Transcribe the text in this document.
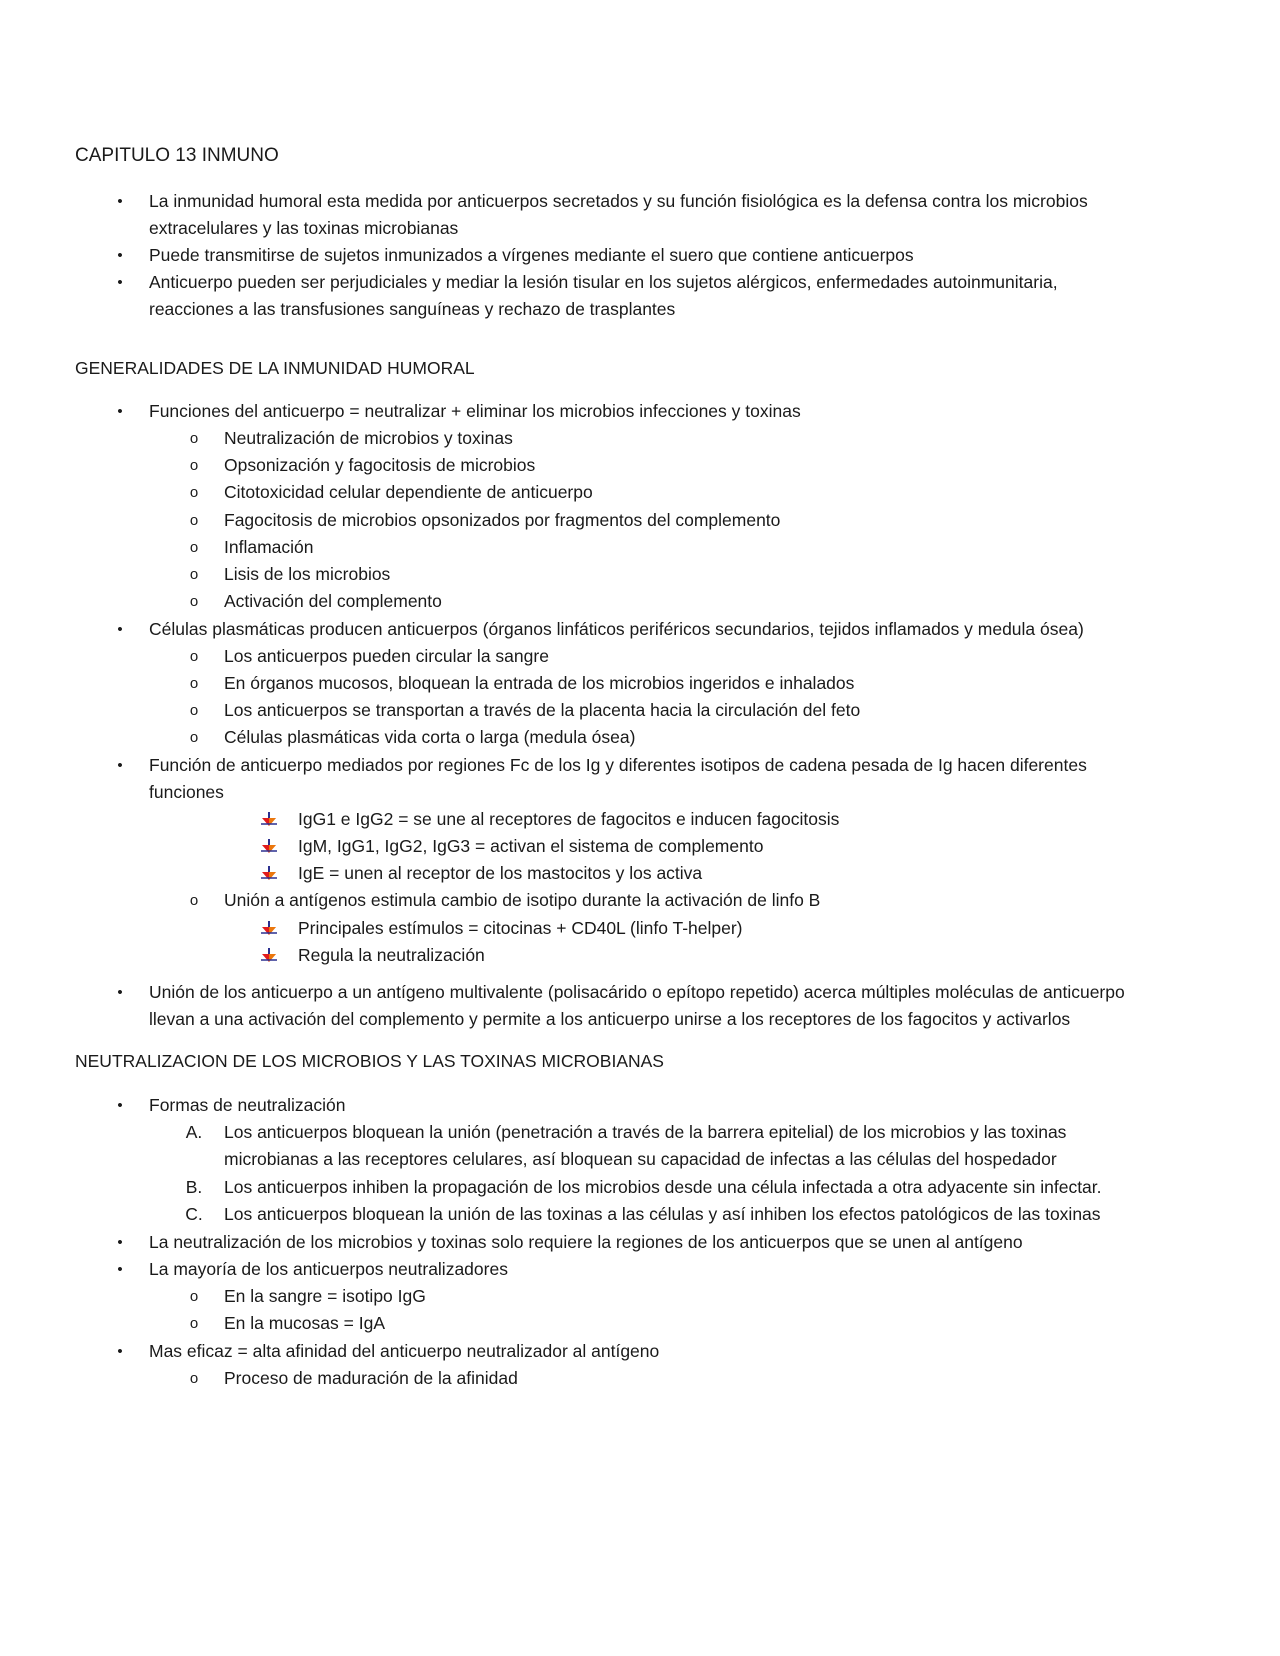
CAPITULO 13 INMUNO
•	La inmunidad humoral esta medida por anticuerpos secretados y su función fisiológica es la defensa contra los microbios
extracelulares y las toxinas microbianas
•	Puede transmitirse de sujetos inmunizados a vírgenes mediante el suero que contiene anticuerpos
•	Anticuerpo pueden ser perjudiciales y mediar la lesión tisular en los sujetos alérgicos, enfermedades autoinmunitaria,
reacciones a las transfusiones sanguíneas y rechazo de trasplantes
GENERALIDADES DE LA INMUNIDAD HUMORAL
•	Funciones del anticuerpo = neutralizar + eliminar los microbios infecciones y toxinas
o	Neutralización de microbios y toxinas
o	Opsonización y fagocitosis de microbios
o	Citotoxicidad celular dependiente de anticuerpo
o	Fagocitosis de microbios opsonizados por fragmentos del complemento
o	Inflamación
o	Lisis de los microbios
o	Activación del complemento
•	Células plasmáticas producen anticuerpos (órganos linfáticos periféricos secundarios, tejidos inflamados y medula ósea)
o	Los anticuerpos pueden circular la sangre
o	En órganos mucosos, bloquean la entrada de los microbios ingeridos e inhalados
o	Los anticuerpos se transportan a través de la placenta hacia la circulación del feto
o	Células plasmáticas vida corta o larga (medula ósea)
•	Función de anticuerpo mediados por regiones Fc de los Ig y diferentes isotipos de cadena pesada de Ig hacen diferentes
funciones
IgG1 e IgG2 = se une al receptores de fagocitos e inducen fagocitosis
IgM, IgG1, IgG2, IgG3 = activan el sistema de complemento
IgE = unen al receptor de los mastocitos y los activa
o	Unión a antígenos estimula cambio de isotipo durante la activación de linfo B
Principales estímulos = citocinas + CD40L (linfo T-helper)
Regula la neutralización
•	Unión de los anticuerpo a un antígeno multivalente (polisacárido o epítopo repetido) acerca múltiples moléculas de anticuerpo
llevan a una activación del complemento y permite a los anticuerpo unirse a los receptores de los fagocitos y activarlos
NEUTRALIZACION DE LOS MICROBIOS Y LAS TOXINAS MICROBIANAS
•	Formas de neutralización
A. Los anticuerpos bloquean la unión (penetración a través de la barrera epitelial) de los microbios y las toxinas
microbianas a las receptores celulares, así bloquean su capacidad de infectas a las células del hospedador
B. Los anticuerpos inhiben la propagación de los microbios desde una célula infectada a otra adyacente sin infectar.
C. Los anticuerpos bloquean la unión de las toxinas a las células y así inhiben los efectos patológicos de las toxinas
•	La neutralización de los microbios y toxinas solo requiere la regiones de los anticuerpos que se unen al antígeno
•	La mayoría de los anticuerpos neutralizadores
o	En la sangre = isotipo IgG
o	En la mucosas = IgA
•	Mas eficaz = alta afinidad del anticuerpo neutralizador al antígeno
o	Proceso de maduración de la afinidad
